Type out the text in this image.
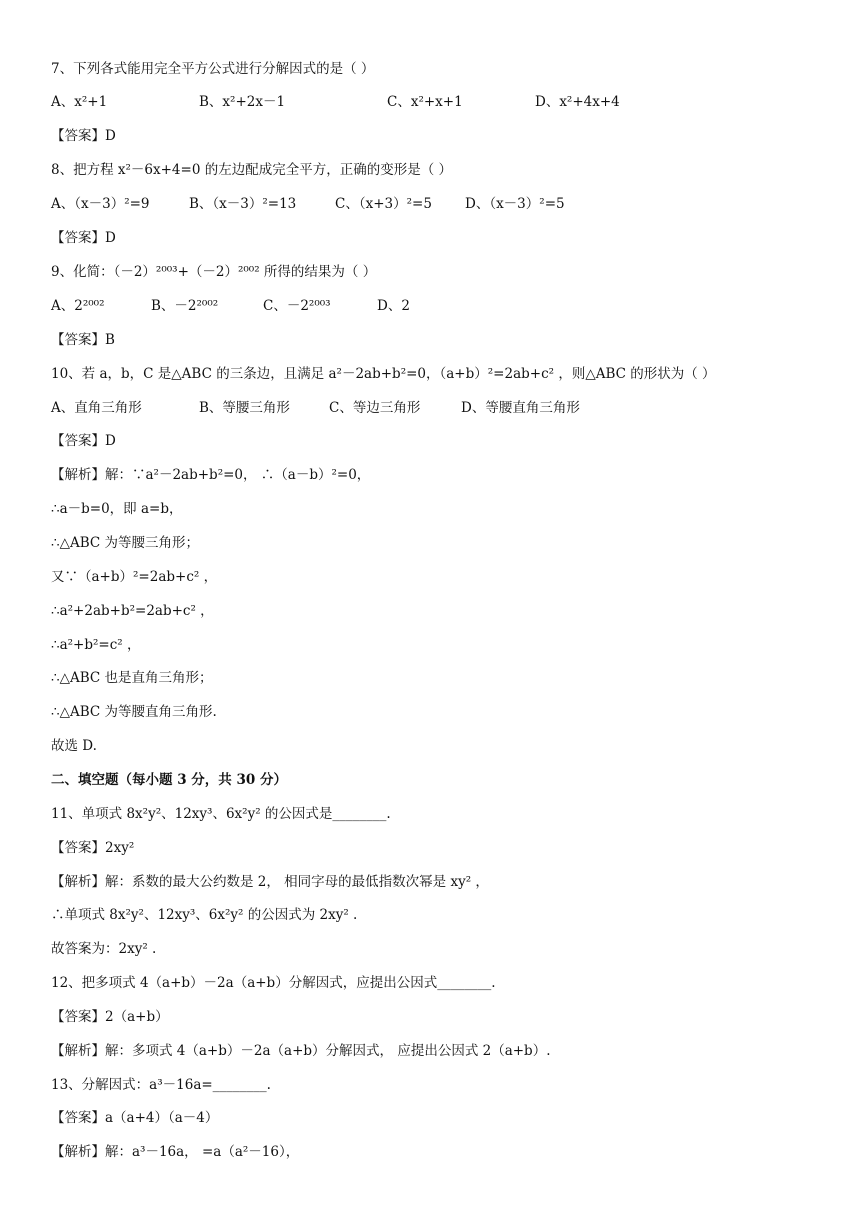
7、下列各式能用完全平方公式进行分解因式的是（ ）
A、x²+1	B、x²+2x－1	C、x²+x+1	D、x²+4x+4
【答案】D
8、把方程 x²－6x+4=0 的左边配成完全平方，正确的变形是（ ）
A、（x－3）²=9	B、（x－3）²=13	C、（x+3）²=5 D、（x－3）²=5
【答案】D
9、化简：（－2）²⁰⁰³+（－2）²⁰⁰² 所得的结果为（ ）
A、2²⁰⁰²	B、－2²⁰⁰²	C、－2²⁰⁰³	D、2
【答案】B
10、若 a，b，C 是△ABC 的三条边，且满足 a²－2ab+b²=0，（a+b）²=2ab+c² ，则△ABC 的形状为（ ）
A、直角三角形	B、等腰三角形	C、等边三角形	D、等腰直角三角形
【答案】D
【解析】解：∵a²－2ab+b²=0， ∴（a－b）²=0，
∴a－b=0，即 a=b，
∴△ABC 为等腰三角形；
又∵（a+b）²=2ab+c² ，
∴a²+2ab+b²=2ab+c² ，
∴a²+b²=c² ，
∴△ABC 也是直角三角形；
∴△ABC 为等腰直角三角形.
故选 D.
二、填空题（每小题 3 分，共 30 分）
11、单项式 8x²y²、12xy³、6x²y² 的公因式是________.
【答案】2xy²
【解析】解：系数的最大公约数是 2， 相同字母的最低指数次幂是 xy² ，
∴单项式 8x²y²、12xy³、6x²y² 的公因式为 2xy² .
故答案为：2xy² .
12、把多项式 4（a+b）－2a（a+b）分解因式，应提出公因式________.
【答案】2（a+b）
【解析】解：多项式 4（a+b）－2a（a+b）分解因式， 应提出公因式 2（a+b）.
13、分解因式：a³－16a=________.
【答案】a（a+4）（a－4）
【解析】解：a³－16a， =a（a²－16），
